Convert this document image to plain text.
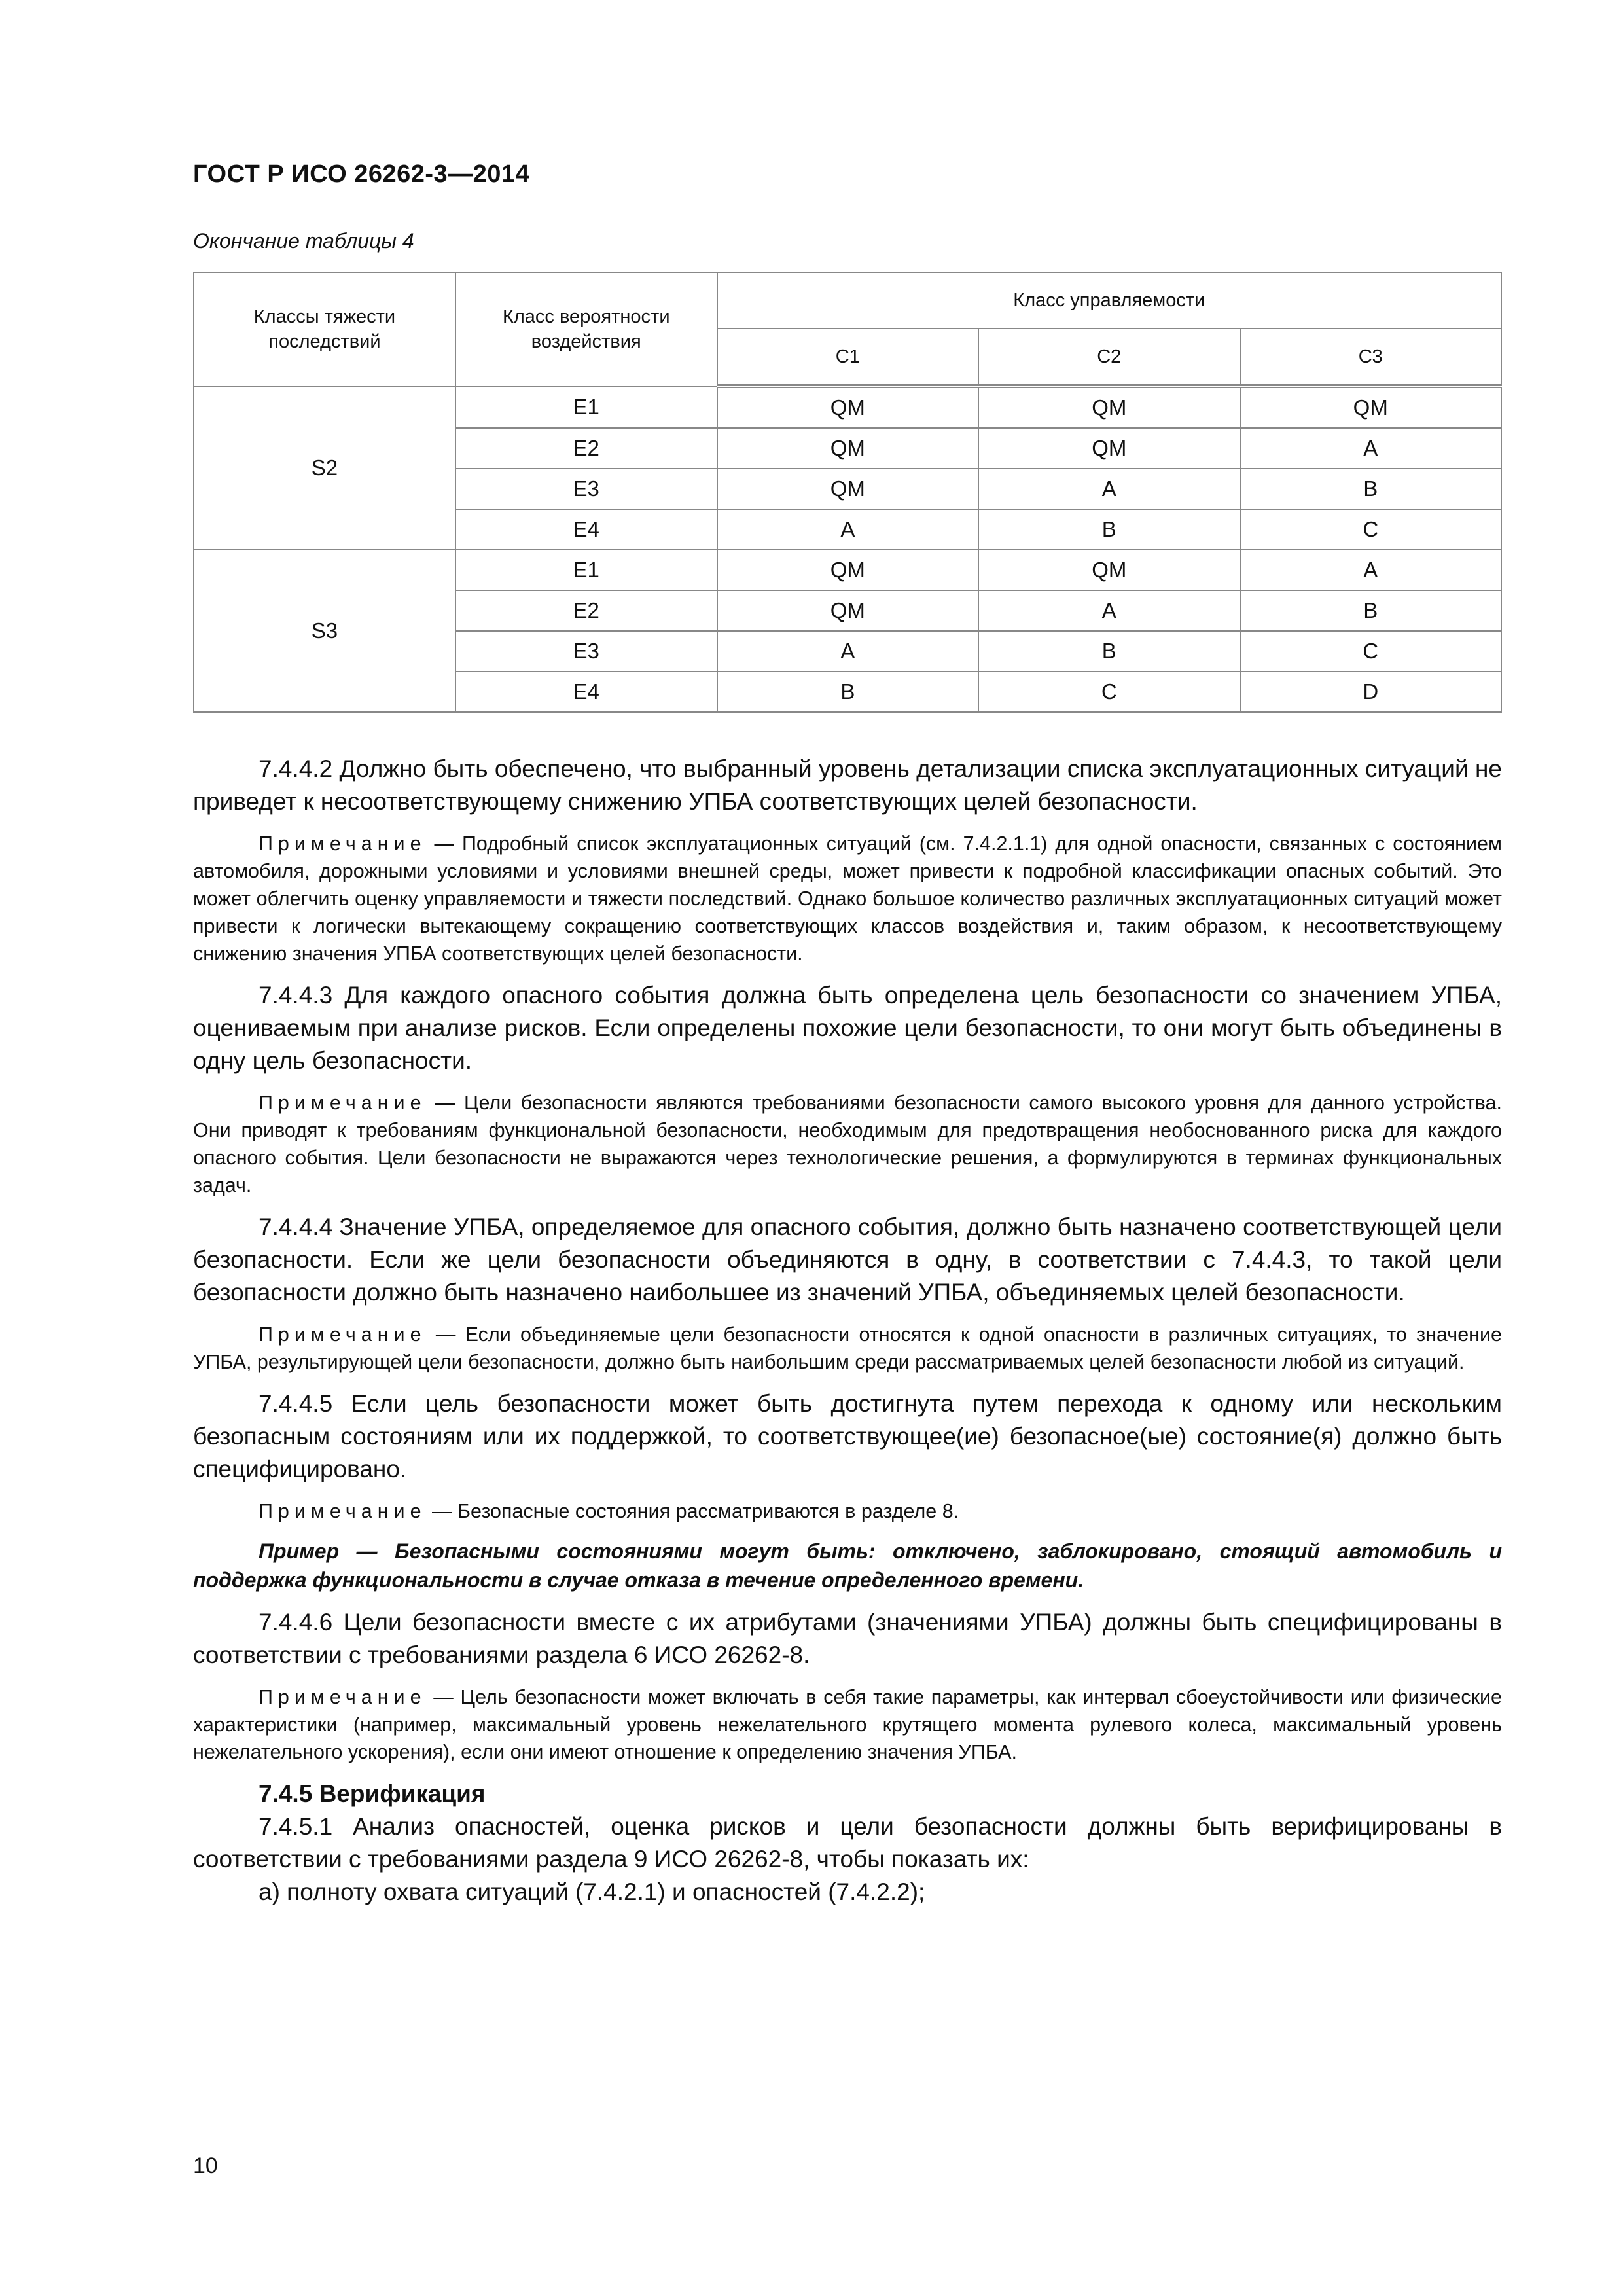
ГОСТ Р ИСО 26262-3—2014
Окончание таблицы 4
Классы тяжести последствий	Класс вероятности воздействия	Класс управляемости		
		C1	C2	C3
S2	E1	QM	QM	QM
	E2	QM	QM	A
	E3	QM	A	B
	E4	A	B	C
S3	E1	QM	QM	A
	E2	QM	A	B
	E3	A	B	C
	E4	B	C	D

7.4.4.2 Должно быть обеспечено, что выбранный уровень детализации списка эксплуатационных ситуаций не приведет к несоответствующему снижению УПБА соответствующих целей безопасности.

Примечание — Подробный список эксплуатационных ситуаций (см. 7.4.2.1.1) для одной опасности, связанных с состоянием автомобиля, дорожными условиями и условиями внешней среды, может привести к подробной классификации опасных событий. Это может облегчить оценку управляемости и тяжести последствий. Однако большое количество различных эксплуатационных ситуаций может привести к логически вытекающему сокращению соответствующих классов воздействия и, таким образом, к несоответствующему снижению значения УПБА соответствующих целей безопасности.

7.4.4.3 Для каждого опасного события должна быть определена цель безопасности со значением УПБА, оцениваемым при анализе рисков. Если определены похожие цели безопасности, то они могут быть объединены в одну цель безопасности.

Примечание — Цели безопасности являются требованиями безопасности самого высокого уровня для данного устройства. Они приводят к требованиям функциональной безопасности, необходимым для предотвращения необоснованного риска для каждого опасного события. Цели безопасности не выражаются через технологические решения, а формулируются в терминах функциональных задач.

7.4.4.4 Значение УПБА, определяемое для опасного события, должно быть назначено соответствующей цели безопасности. Если же цели безопасности объединяются в одну, в соответствии с 7.4.4.3, то такой цели безопасности должно быть назначено наибольшее из значений УПБА, объединяемых целей безопасности.

Примечание — Если объединяемые цели безопасности относятся к одной опасности в различных ситуациях, то значение УПБА, результирующей цели безопасности, должно быть наибольшим среди рассматриваемых целей безопасности любой из ситуаций.

7.4.4.5 Если цель безопасности может быть достигнута путем перехода к одному или нескольким безопасным состояниям или их поддержкой, то соответствующее(ие) безопасное(ые) состояние(я) должно быть специфицировано.

Примечание — Безопасные состояния рассматриваются в разделе 8.

Пример — Безопасными состояниями могут быть: отключено, заблокировано, стоящий автомобиль и поддержка функциональности в случае отказа в течение определенного времени.

7.4.4.6 Цели безопасности вместе с их атрибутами (значениями УПБА) должны быть специфицированы в соответствии с требованиями раздела 6 ИСО 26262-8.

Примечание — Цель безопасности может включать в себя такие параметры, как интервал сбоеустойчивости или физические характеристики (например, максимальный уровень нежелательного крутящего момента рулевого колеса, максимальный уровень нежелательного ускорения), если они имеют отношение к определению значения УПБА.

7.4.5 Верификация

7.4.5.1 Анализ опасностей, оценка рисков и цели безопасности должны быть верифицированы в соответствии с требованиями раздела 9 ИСО 26262-8, чтобы показать их:

а) полноту охвата ситуаций (7.4.2.1) и опасностей (7.4.2.2);

10
